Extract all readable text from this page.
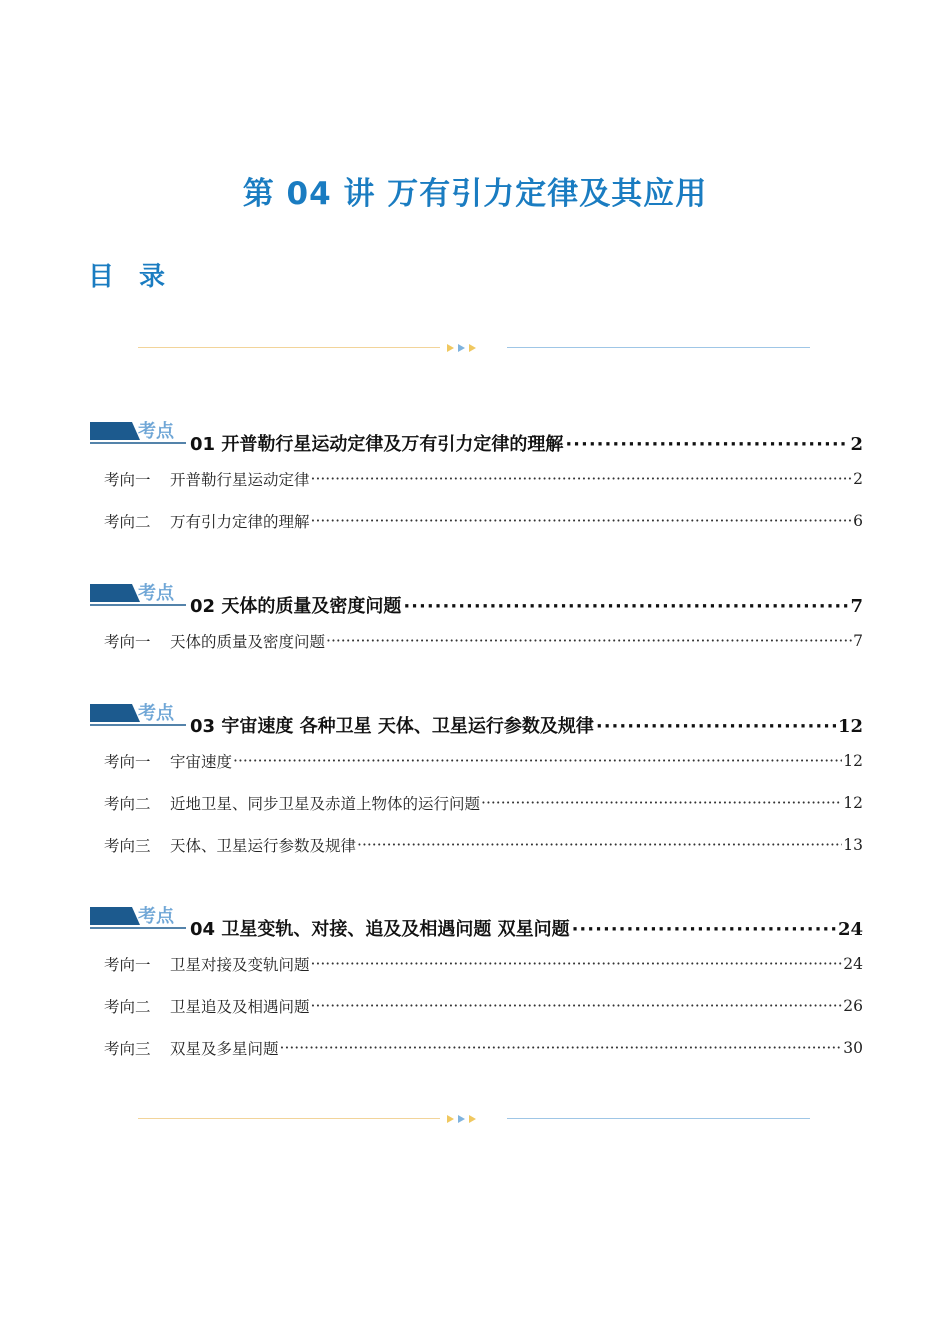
第 04 讲 万有引力定律及其应用
目 录
考点
01 开普勒行星运动定律及万有引力定律的理解 ·····	2
考向一	开普勒行星运动定律 ·····	2
考向二	万有引力定律的理解 ·····	6
考点
02 天体的质量及密度问题 ·····	7
考向一	天体的质量及密度问题 ·····	7
考点
03 宇宙速度 各种卫星 天体、卫星运行参数及规律 ·····	12
考向一	宇宙速度 ·····	12
考向二	近地卫星、同步卫星及赤道上物体的运行问题 ·····	12
考向三	天体、卫星运行参数及规律 ·····	13
考点
04 卫星变轨、对接、追及及相遇问题 双星问题 ·····	24
考向一	卫星对接及变轨问题 ·····	24
考向二	卫星追及及相遇问题 ·····	26
考向三	双星及多星问题 ·····	30
